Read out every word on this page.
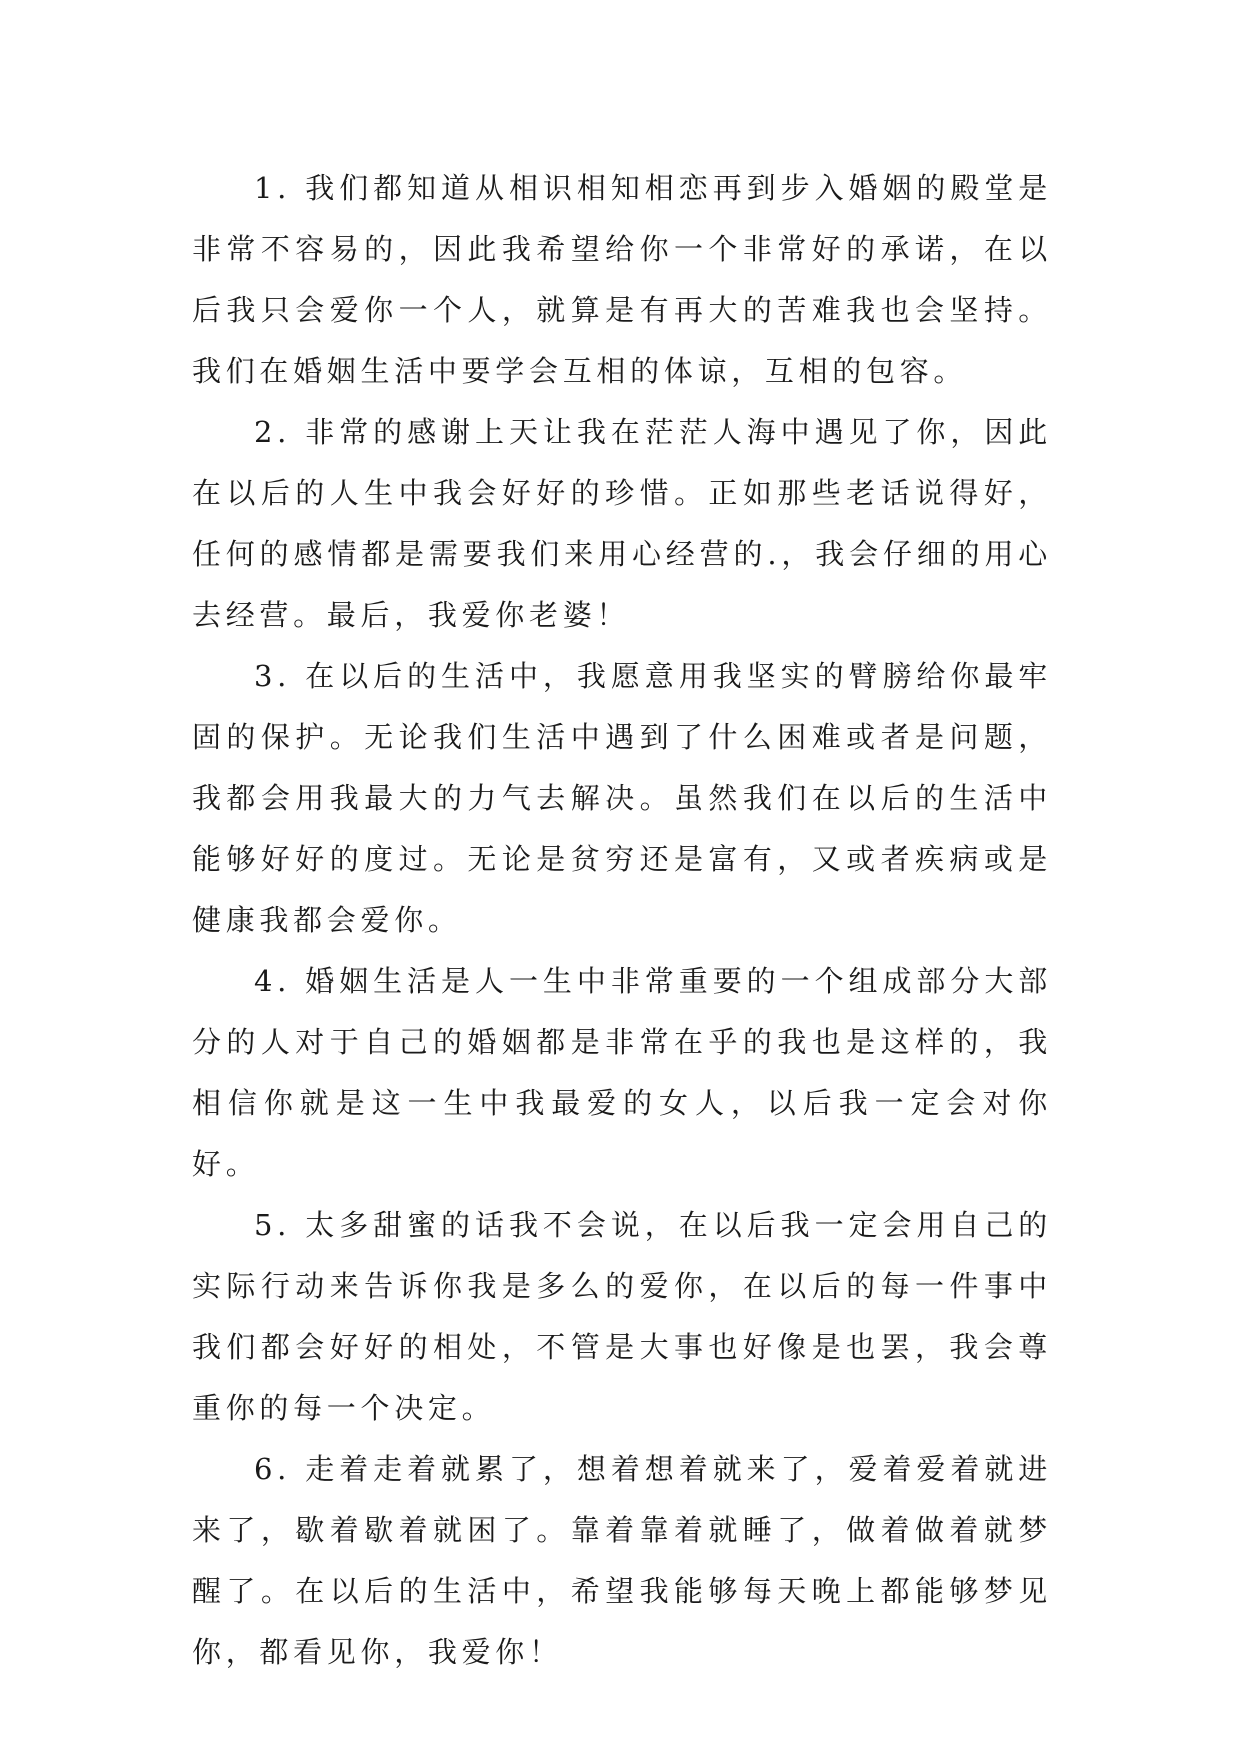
1. 我们都知道从相识相知相恋再到步入婚姻的殿堂是非常不容易的，因此我希望给你一个非常好的承诺，在以后我只会爱你一个人，就算是有再大的苦难我也会坚持。我们在婚姻生活中要学会互相的体谅，互相的包容。

2. 非常的感谢上天让我在茫茫人海中遇见了你，因此在以后的人生中我会好好的珍惜。正如那些老话说得好，任何的感情都是需要我们来用心经营的.，我会仔细的用心去经营。最后，我爱你老婆！

3. 在以后的生活中，我愿意用我坚实的臂膀给你最牢固的保护。无论我们生活中遇到了什么困难或者是问题，我都会用我最大的力气去解决。虽然我们在以后的生活中能够好好的度过。无论是贫穷还是富有，又或者疾病或是健康我都会爱你。

4. 婚姻生活是人一生中非常重要的一个组成部分大部分的人对于自己的婚姻都是非常在乎的我也是这样的，我相信你就是这一生中我最爱的女人，以后我一定会对你好。

5. 太多甜蜜的话我不会说，在以后我一定会用自己的实际行动来告诉你我是多么的爱你，在以后的每一件事中我们都会好好的相处，不管是大事也好像是也罢，我会尊重你的每一个决定。

6. 走着走着就累了，想着想着就来了，爱着爱着就进来了，歇着歇着就困了。靠着靠着就睡了，做着做着就梦醒了。在以后的生活中，希望我能够每天晚上都能够梦见你，都看见你，我爱你！
